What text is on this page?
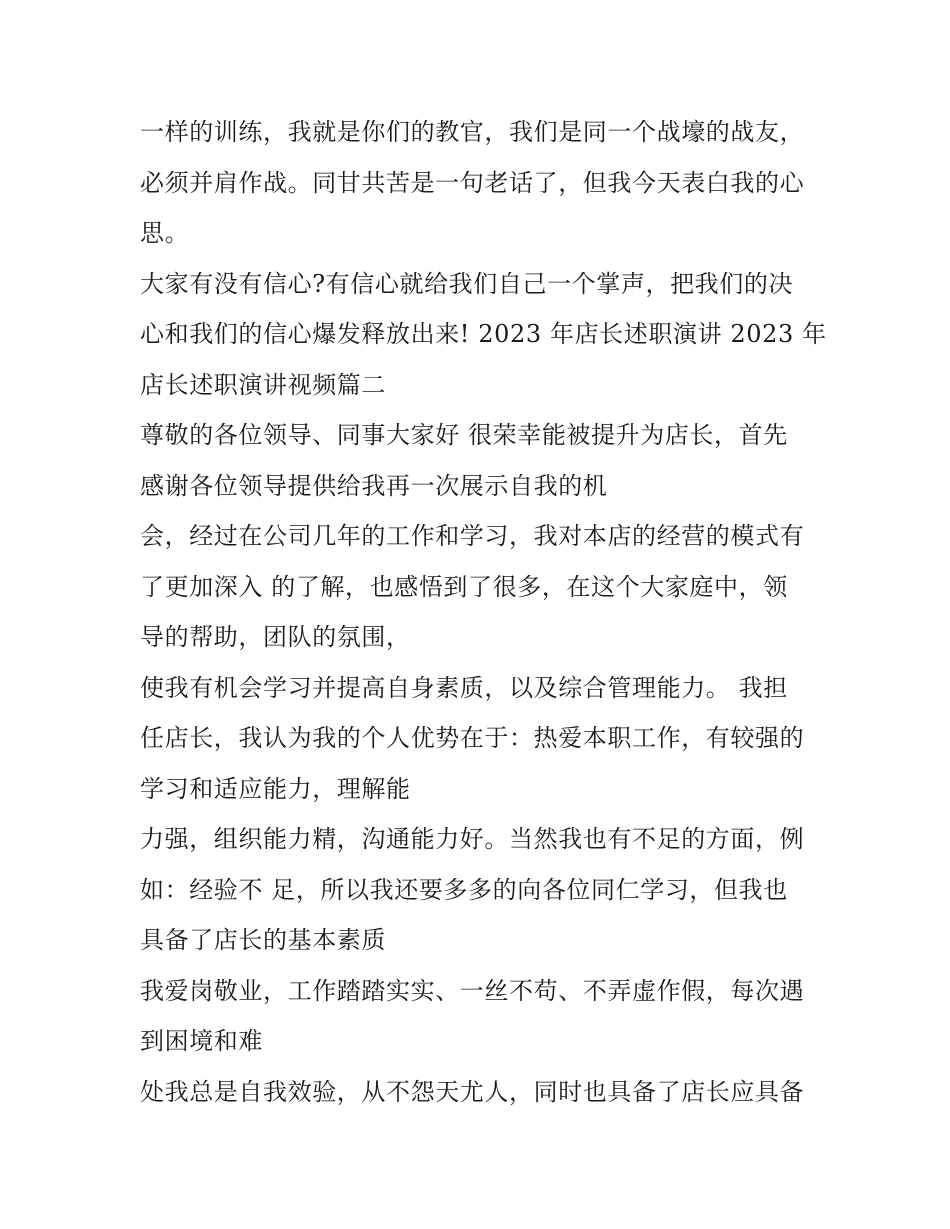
一样的训练，我就是你们的教官，我们是同一个战壕的战友，
必须并肩作战。同甘共苦是一句老话了，但我今天表白我的心
思。
大家有没有信心?有信心就给我们自己一个掌声，把我们的决
心和我们的信心爆发释放出来! 2023 年店长述职演讲 2023 年
店长述职演讲视频篇二
尊敬的各位领导、同事大家好 很荣幸能被提升为店长，首先
感谢各位领导提供给我再一次展示自我的机
会，经过在公司几年的工作和学习，我对本店的经营的模式有
了更加深入 的了解，也感悟到了很多，在这个大家庭中，领
导的帮助，团队的氛围，
使我有机会学习并提高自身素质，以及综合管理能力。 我担
任店长，我认为我的个人优势在于：热爱本职工作，有较强的
学习和适应能力，理解能
力强，组织能力精，沟通能力好。当然我也有不足的方面，例
如：经验不 足，所以我还要多多的向各位同仁学习，但我也
具备了店长的基本素质
我爱岗敬业，工作踏踏实实、一丝不苟、不弄虚作假，每次遇
到困境和难
处我总是自我效验，从不怨天尤人，同时也具备了店长应具备
